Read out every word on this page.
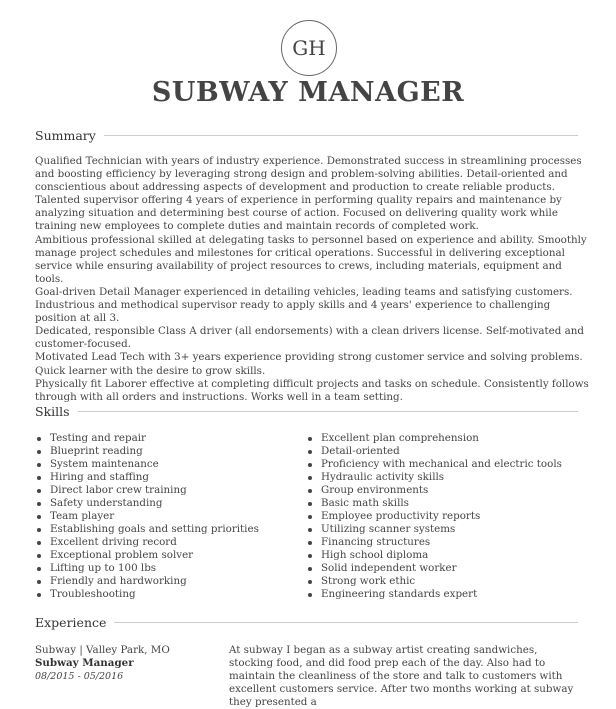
GH
SUBWAY MANAGER
Summary

Qualified Technician with years of industry experience. Demonstrated success in streamlining processes and boosting efficiency by leveraging strong design and problem-solving abilities. Detail-oriented and conscientious about addressing aspects of development and production to create reliable products.

Talented supervisor offering 4 years of experience in performing quality repairs and maintenance by analyzing situation and determining best course of action. Focused on delivering quality work while training new employees to complete duties and maintain records of completed work.

Ambitious professional skilled at delegating tasks to personnel based on experience and ability. Smoothly manage project schedules and milestones for critical operations. Successful in delivering exceptional service while ensuring availability of project resources to crews, including materials, equipment and tools.

Goal-driven Detail Manager experienced in detailing vehicles, leading teams and satisfying customers.

Industrious and methodical supervisor ready to apply skills and 4 years' experience to challenging position at all 3.

Dedicated, responsible Class A driver (all endorsements) with a clean drivers license. Self-motivated and customer-focused.

Motivated Lead Tech with 3+ years experience providing strong customer service and solving problems. Quick learner with the desire to grow skills.

Physically fit Laborer effective at completing difficult projects and tasks on schedule. Consistently follows through with all orders and instructions. Works well in a team setting.

Skills
Testing and repair
Blueprint reading
System maintenance
Hiring and staffing
Direct labor crew training
Safety understanding
Team player
Establishing goals and setting priorities
Excellent driving record
Exceptional problem solver
Lifting up to 100 lbs
Friendly and hardworking
Troubleshooting
Excellent plan comprehension
Detail-oriented
Proficiency with mechanical and electric tools
Hydraulic activity skills
Group environments
Basic math skills
Employee productivity reports
Utilizing scanner systems
Financing structures
High school diploma
Solid independent worker
Strong work ethic
Engineering standards expert
Experience
Subway | Valley Park, MO
Subway Manager
08/2015 - 05/2016
At subway I began as a subway artist creating sandwiches, stocking food, and did food prep each of the day. Also had to maintain the cleanliness of the store and talk to customers with excellent customers service. After two months working at subway they presented a
